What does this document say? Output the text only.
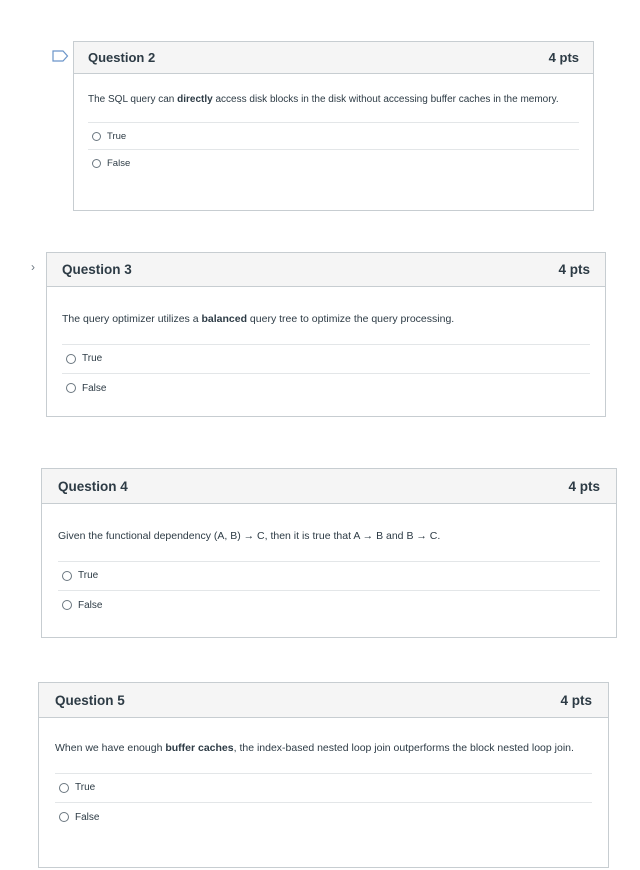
›
Question 2	4 pts
The SQL query can directly access disk blocks in the disk without accessing buffer caches in the memory.
True
False
Question 3	4 pts
The query optimizer utilizes a balanced query tree to optimize the query processing.
True
False
Question 4	4 pts
Given the functional dependency (A, B) → C, then it is true that A → B and B → C.
True
False
Question 5	4 pts
When we have enough buffer caches, the index-based nested loop join outperforms the block nested loop join.
True
False
